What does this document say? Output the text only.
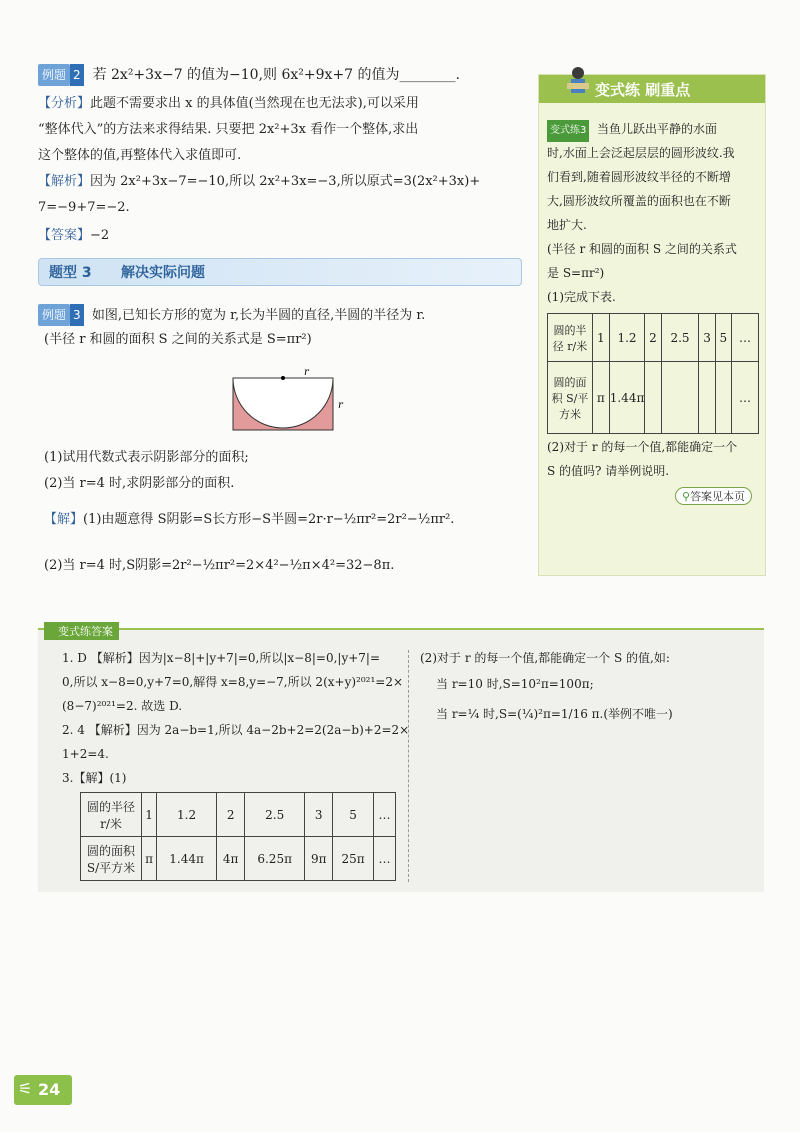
例题 2 若 2x²+3x−7 的值为−10,则 6x²+9x+7 的值为________.
【分析】此题不需要求出 x 的具体值(当然现在也无法求),可以采用
“整体代入”的方法来求得结果. 只要把 2x²+3x 看作一个整体,求出
这个整体的值,再整体代入求值即可.
【解析】因为 2x²+3x−7=−10,所以 2x²+3x=−3,所以原式=3(2x²+3x)+
7=−9+7=−2.
【答案】−2
题型 3 解决实际问题
例题 3 如图,已知长方形的宽为 r,长为半圆的直径,半圆的半径为 r.
(半径 r 和圆的面积 S 之间的关系式是 S=πr²)
r
r
(1)试用代数式表示阴影部分的面积;
(2)当 r=4 时,求阴影部分的面积.
【解】(1)由题意得 S阴影=S长方形−S半圆=2r·r−½πr²=2r²−½πr².
(2)当 r=4 时,S阴影=2r²−½πr²=2×4²−½π×4²=32−8π.
变式练 刷重点
变式练3 当鱼儿跃出平静的水面
时,水面上会泛起层层的圆形波纹.我
们看到,随着圆形波纹半径的不断增
大,圆形波纹所覆盖的面积也在不断
地扩大.
(半径 r 和圆的面积 S 之间的关系式
是 S=πr²)
(1)完成下表.
圆的半
径 r/米	1	1.2	2	2.5	3	5	…
圆的面
积 S/平
方米	π	1.44π					…
(2)对于 r 的每一个值,都能确定一个
S 的值吗? 请举例说明.
⚲答案见本页
变式练答案
1. D 【解析】因为|x−8|+|y+7|=0,所以|x−8|=0,|y+7|=
0,所以 x−8=0,y+7=0,解得 x=8,y=−7,所以 2(x+y)²⁰²¹=2×
(8−7)²⁰²¹=2. 故选 D.
2. 4 【解析】因为 2a−b=1,所以 4a−2b+2=2(2a−b)+2=2×
1+2=4.
3.【解】(1)
圆的半径
r/米	1	1.2	2	2.5	3	5	…
圆的面积
S/平方米	π	1.44π	4π	6.25π	9π	25π	…
(2)对于 r 的每一个值,都能确定一个 S 的值,如:
当 r=10 时,S=10²π=100π;
当 r=¼ 时,S=(¼)²π=1/16 π.(举例不唯一)
⚟ 24
